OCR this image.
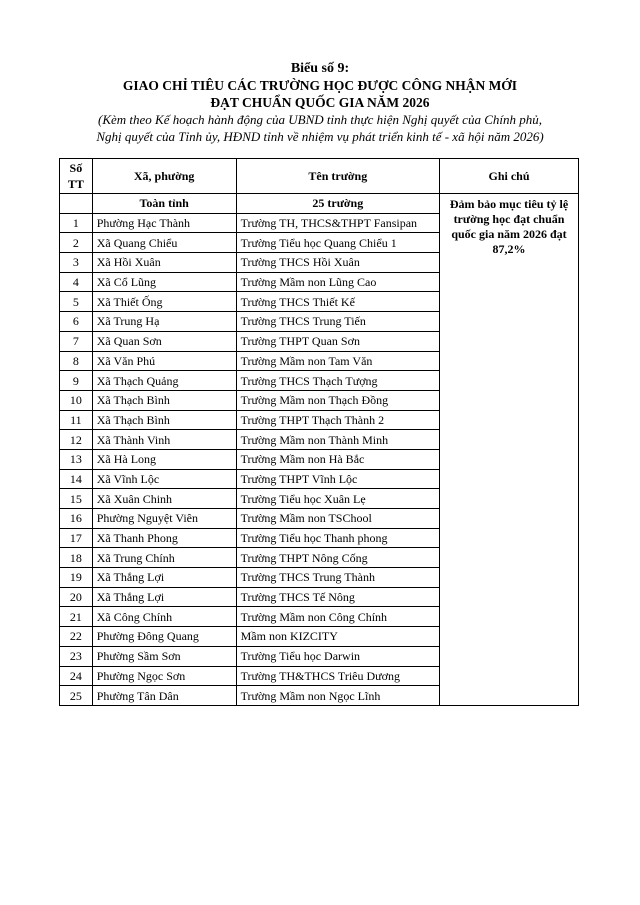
Biểu số 9:
GIAO CHỈ TIÊU CÁC TRƯỜNG HỌC ĐƯỢC CÔNG NHẬN MỚI
ĐẠT CHUẨN QUỐC GIA NĂM 2026
(Kèm theo Kế hoạch hành động của UBND tỉnh thực hiện Nghị quyết của Chính phủ,
Nghị quyết của Tỉnh ủy, HĐND tỉnh về nhiệm vụ phát triển kinh tế - xã hội năm 2026)
Số TT	Xã, phường	Tên trường	Ghi chú
	Toàn tỉnh	25 trường	Đảm bảo mục tiêu tỷ lệ trường học đạt chuẩn quốc gia năm 2026 đạt 87,2%
1	Phường Hạc Thành	Trường TH, THCS&THPT Fansipan	
2	Xã Quang Chiểu	Trường Tiểu học Quang Chiểu 1	
3	Xã Hồi Xuân	Trường THCS Hồi Xuân	
4	Xã Cổ Lũng	Trường Mầm non Lũng Cao	
5	Xã Thiết Ống	Trường THCS Thiết Kế	
6	Xã Trung Hạ	Trường THCS Trung Tiến	
7	Xã Quan Sơn	Trường THPT Quan Sơn	
8	Xã Văn Phú	Trường Mầm non Tam Văn	
9	Xã Thạch Quảng	Trường THCS Thạch Tượng	
10	Xã Thạch Bình	Trường Mầm non Thạch Đồng	
11	Xã Thạch Bình	Trường THPT Thạch Thành 2	
12	Xã Thành Vinh	Trường Mầm non Thành Minh	
13	Xã Hà Long	Trường Mầm non Hà Bắc	
14	Xã Vĩnh Lộc	Trường THPT Vĩnh Lộc	
15	Xã Xuân Chinh	Trường Tiểu học Xuân Lẹ	
16	Phường Nguyệt Viên	Trường Mầm non TSChool	
17	Xã Thanh Phong	Trường Tiểu học Thanh phong	
18	Xã Trung Chính	Trường THPT Nông Cống	
19	Xã Thắng Lợi	Trường THCS Trung Thành	
20	Xã Thắng Lợi	Trường THCS Tế Nông	
21	Xã Công Chính	Trường Mầm non Công Chính	
22	Phường Đông Quang	Mầm non KIZCITY	
23	Phường Sầm Sơn	Trường Tiểu học Darwin	
24	Phường Ngọc Sơn	Trường TH&THCS Triêu Dương	
25	Phường Tân Dân	Trường Mầm non Ngọc Lĩnh	
